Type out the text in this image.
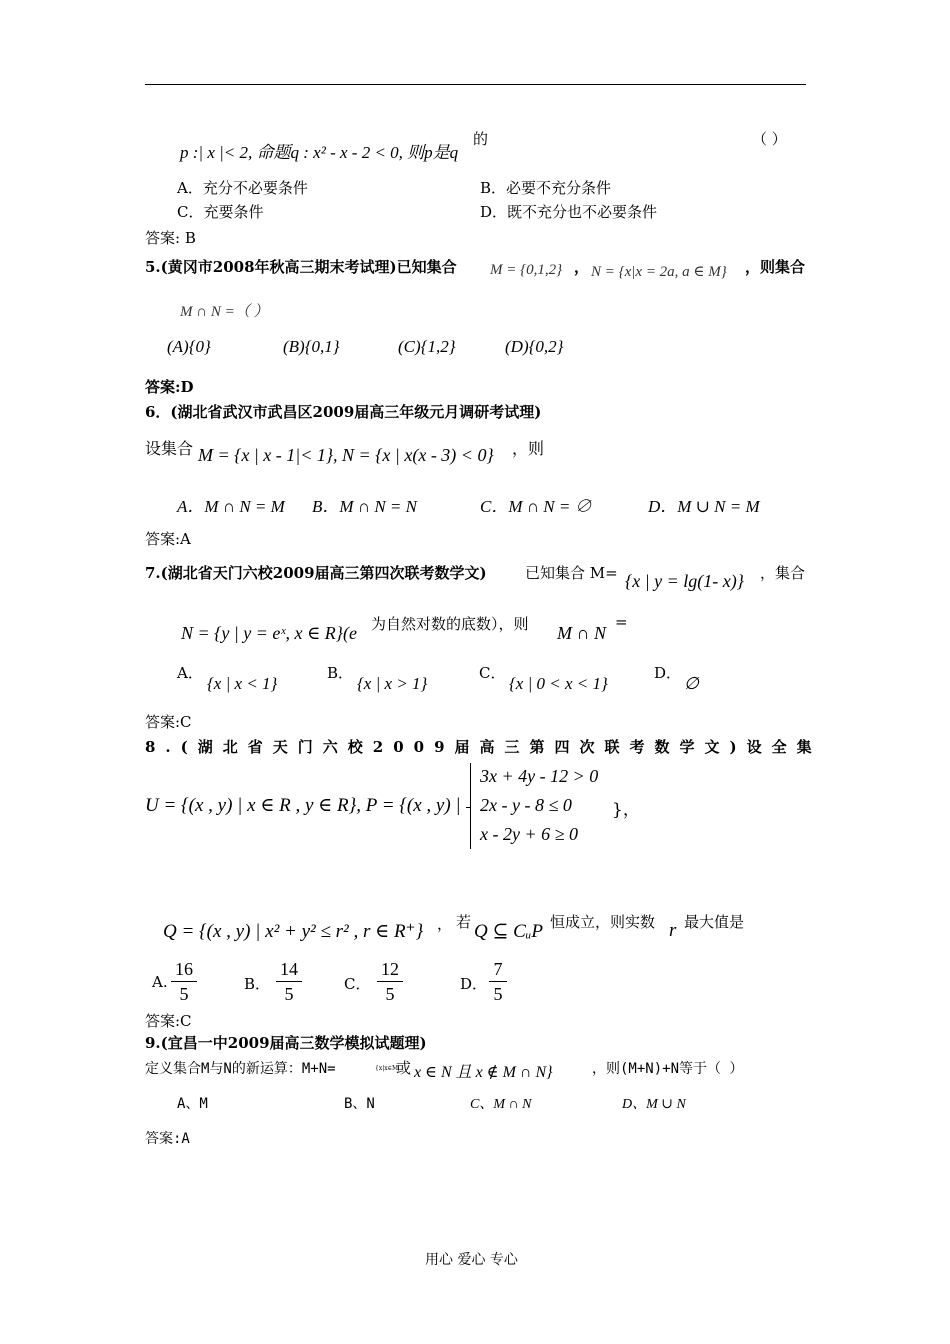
p :| x |< 2, 命题q : x² - x - 2 < 0, 则p是q
的	（ ）
A．充分不必要条件	B．必要不充分条件
C．充要条件	D．既不充分也不必要条件
答案: B
5.(黄冈市2008年秋高三期末考试理)已知集合 M = {0,1,2} ， N = {x|x = 2a, a ∈ M} ，则集合
M ∩ N =（ ）
(A){0}	(B){0,1}	(C){1,2}	(D){0,2}
答案:D
6．(湖北省武汉市武昌区2009届高三年级元月调研考试理)
设集合 M = {x | x - 1|< 1}, N = {x | x(x - 3) < 0} ，则
A．M ∩ N = M B．M ∩ N = N	C．M ∩ N = ∅	D．M ∪ N = M
答案:A
7.(湖北省天门六校2009届高三第四次联考数学文)	已知集合 M= {x | y = lg(1- x)} ，集合
N = {y | y = eˣ, x ∈ R}(e 为自然对数的底数），则 M ∩ N
=
A．
{x | x < 1}
B．
{x | x > 1}
C．
{x | 0 < x < 1}
D．
∅
答案:C
8.(湖北省天门六校2009届高三第四次联考数学文)设全集
U = {(x , y) | x ∈ R , y ∈ R}, P = {(x , y) |
3x + 4y - 12 > 0
2x - y - 8 ≤ 0
x - 2y + 6 ≥ 0
}，
Q = {(x , y) | x² + y² ≤ r² , r ∈ R⁺} ， 若 Q ⊆ CᵤP 恒成立，则实数 r 最大值是
A.
16
5	B．
14
5	C．
12
5	D．
7
5
答案:C
9.(宜昌一中2009届高三数学模拟试题理)
定义集合M与N的新运算：M+N=	{x|x∈M
或 x ∈ N 且 x ∉ M ∩ N}	，则(M+N)+N等于（ ）
A、M	B、N	C、M ∩ N	D、M ∪ N
答案:A
用心 爱心 专心
